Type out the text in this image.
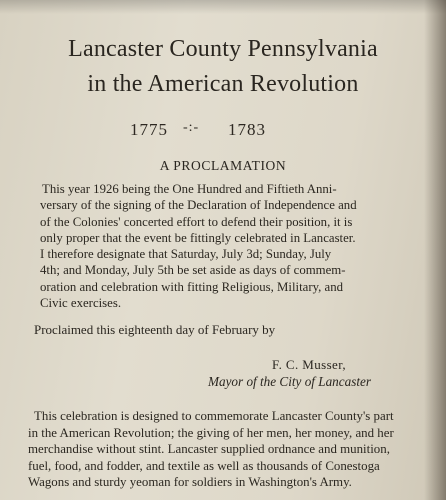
Lancaster County Pennsylvania
in the American Revolution
1775 -:- 1783
A PROCLAMATION
This year 1926 being the One Hundred and Fiftieth Anni-
versary of the signing of the Declaration of Independence and
of the Colonies' concerted effort to defend their position, it is
only proper that the event be fittingly celebrated in Lancaster.
I therefore designate that Saturday, July 3d; Sunday, July
4th; and Monday, July 5th be set aside as days of commem-
oration and celebration with fitting Religious, Military, and
Civic exercises.
Proclaimed this eighteenth day of February by
F. C. Musser,
Mayor of the City of Lancaster
This celebration is designed to commemorate Lancaster County's part
in the American Revolution; the giving of her men, her money, and her
merchandise without stint. Lancaster supplied ordnance and munition,
fuel, food, and fodder, and textile as well as thousands of Conestoga
Wagons and sturdy yeoman for soldiers in Washington's Army.
